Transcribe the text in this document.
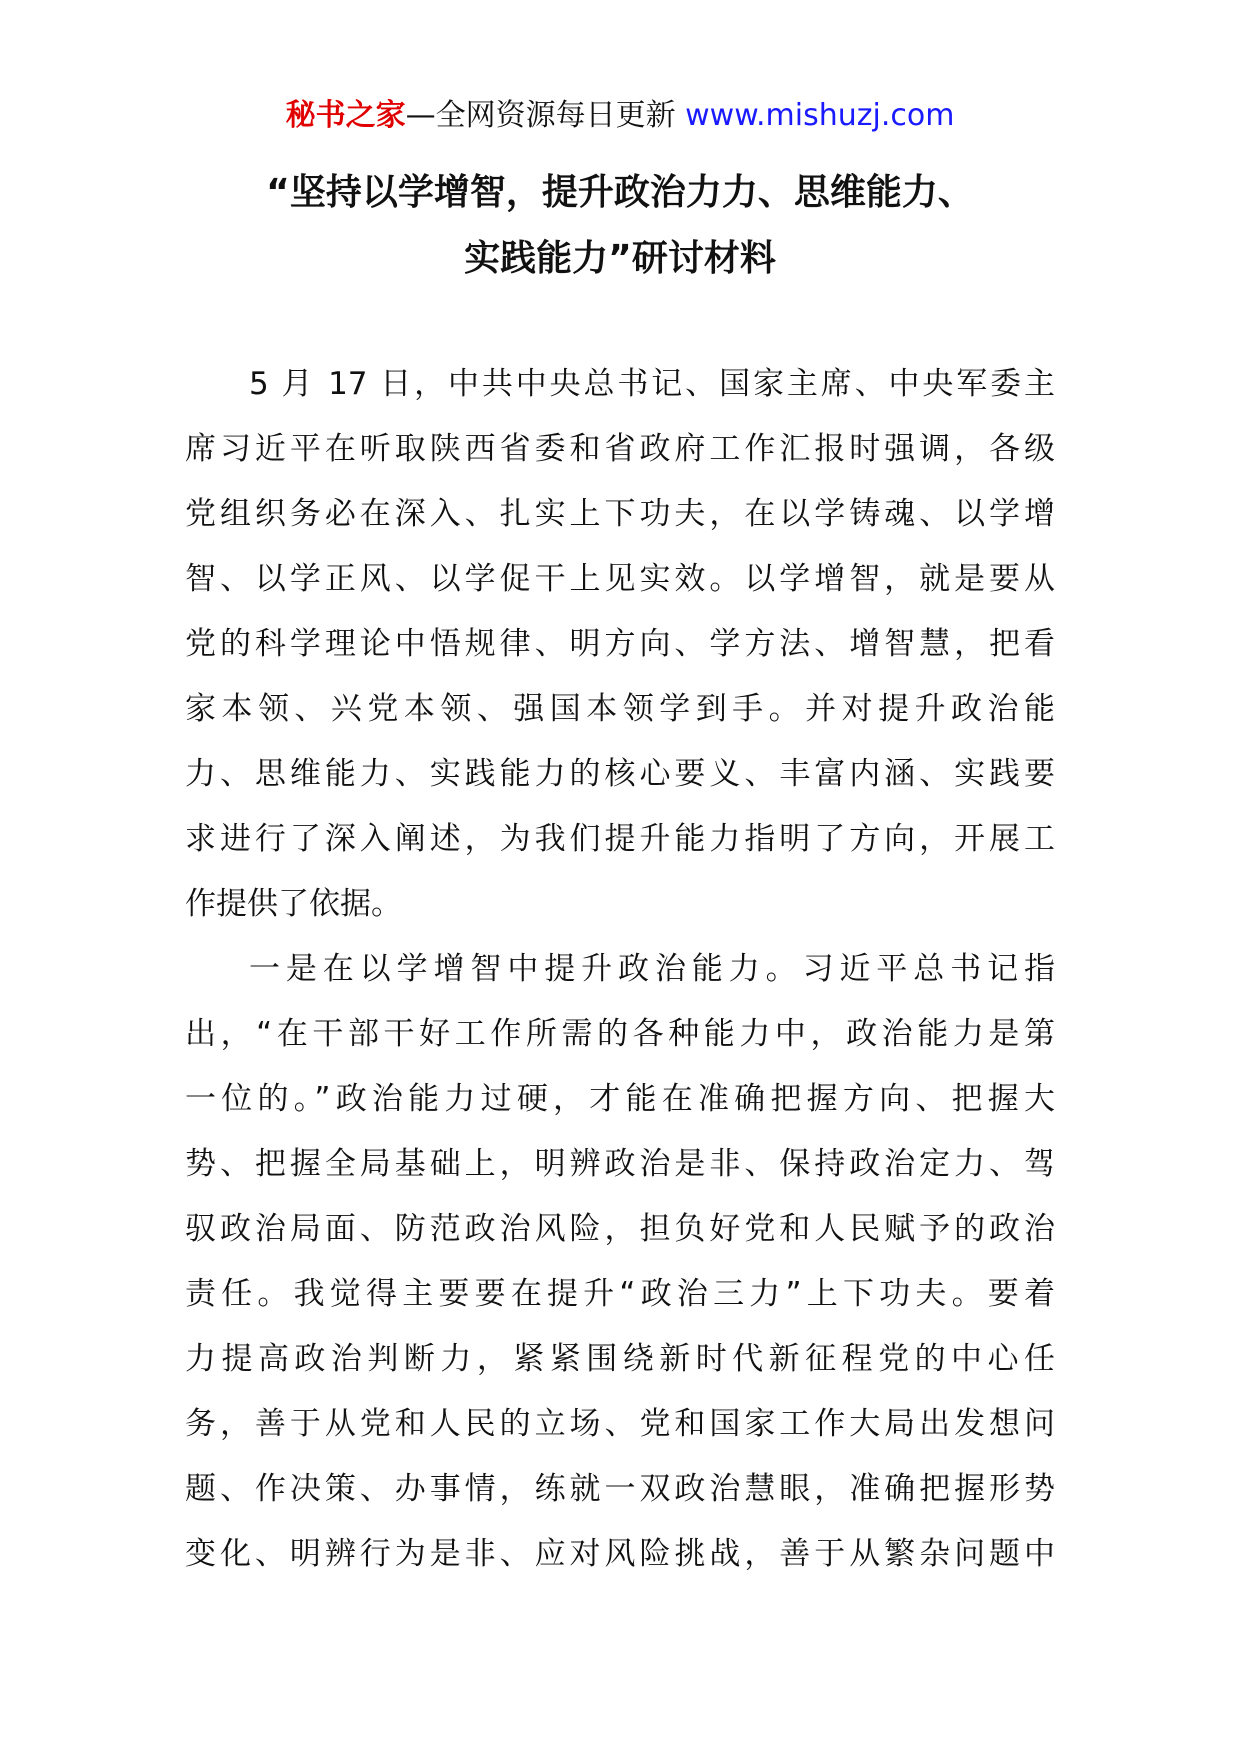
秘书之家—全网资源每日更新 www.mishuzj.com
“坚持以学增智，提升政治力力、思维能力、
实践能力”研讨材料
5 月 17 日，中共中央总书记、国家主席、中央军委主
席习近平在听取陕西省委和省政府工作汇报时强调，各级
党组织务必在深入、扎实上下功夫，在以学铸魂、以学增
智、以学正风、以学促干上见实效。以学增智，就是要从
党的科学理论中悟规律、明方向、学方法、增智慧，把看
家本领、兴党本领、强国本领学到手。并对提升政治能
力、思维能力、实践能力的核心要义、丰富内涵、实践要
求进行了深入阐述，为我们提升能力指明了方向，开展工
作提供了依据。
一是在以学增智中提升政治能力。习近平总书记指
出，“在干部干好工作所需的各种能力中，政治能力是第
一位的。”政治能力过硬，才能在准确把握方向、把握大
势、把握全局基础上，明辨政治是非、保持政治定力、驾
驭政治局面、防范政治风险，担负好党和人民赋予的政治
责任。我觉得主要要在提升“政治三力”上下功夫。要着
力提高政治判断力，紧紧围绕新时代新征程党的中心任
务，善于从党和人民的立场、党和国家工作大局出发想问
题、作决策、办事情，练就一双政治慧眼，准确把握形势
变化、明辨行为是非、应对风险挑战，善于从繁杂问题中
